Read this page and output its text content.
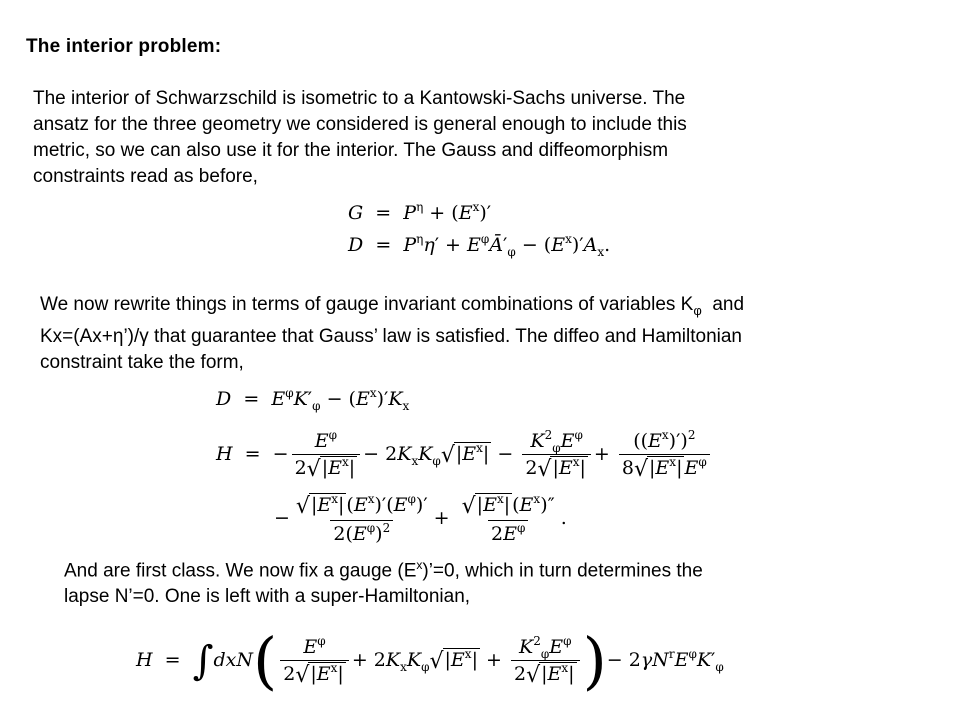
The interior problem:
The interior of Schwarzschild is isometric to a Kantowski-Sachs universe. The
ansatz for the three geometry we considered is general enough to include this
metric, so we can also use it for the interior. The Gauss and diffeomorphism
constraints read as before,
$G = P^\eta + (E^x)'$
$D = P^\eta\eta'$ + $E^\varphi Ā'_\varphi - (E^x)'A_x$.
We now rewrite things in terms of gauge invariant combinations of variables $K_\varphi$ and
Kx=(Ax+η’)/γ that guarantee that Gauss’ law is satisfied. The diffeo and Hamiltonian
constraint take the form,
$D = E^\varphi K'_\varphi - (E^x)'K_x$
H  =  − $\frac{E^\varphi}{2√|E^x|} - 2K_xK_\varphi√|E^x| - \frac{K^2_\varphi E^\varphi}{2√|E^x|} + \frac{((E^x)')^2}{8√|E^x| E^\varphi}$
− $\frac{√|E^x| (E^x)'(E^\varphi)'}{2(E^\varphi)^2} + \frac{√|E^x| (E^x)''}{2E^\varphi}$ .
And are first class. We now fix a gauge $(E^x)’=0$, which in turn determines the
lapse N’=0. One is left with a super-Hamiltonian,
$H = \int dxN( \frac{E^\varphi}{2√|E^x|} + 2K_xK_\varphi√|E^x| + \frac{K^2_\varphi E^\varphi}{2√|E^x|}$ )− $2\gamma N^rE^\varphi K'_\varphi$
